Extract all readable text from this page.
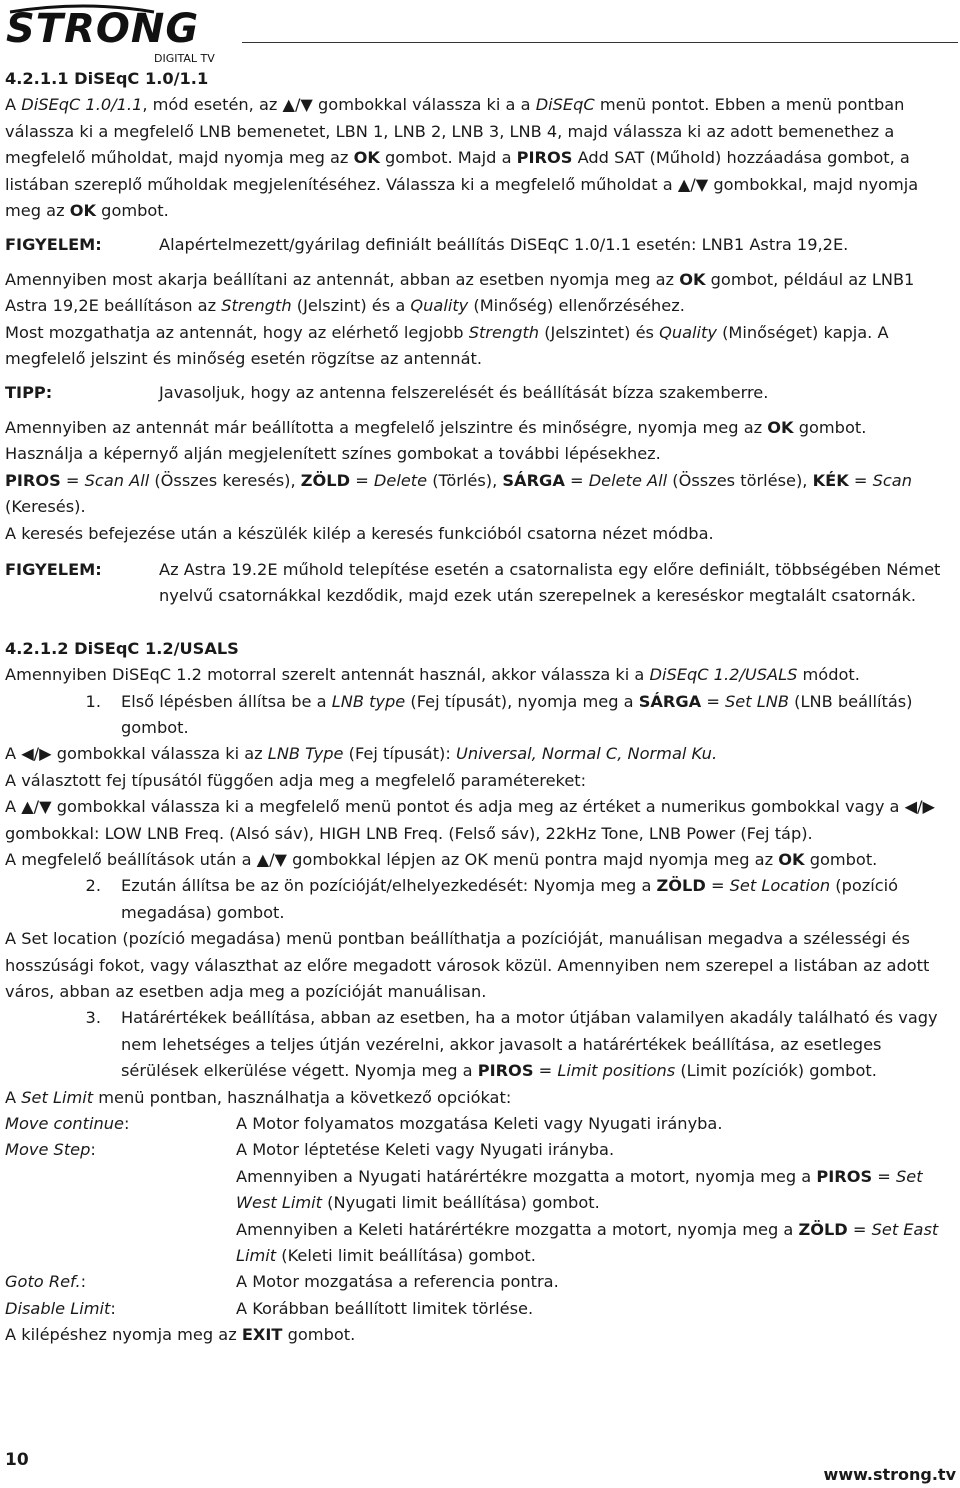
STRONG
DIGITAL TV

4.2.1.1 DiSEqC 1.0/1.1

A DiSEqC 1.0/1.1, mód esetén, az ▲/▼ gombokkal válassza ki a a DiSEqC menü pontot. Ebben a menü pontban válassza ki a megfelelő LNB bemenetet, LBN 1, LNB 2, LNB 3, LNB 4, majd válassza ki az adott bemenethez a megfelelő műholdat, majd nyomja meg az OK gombot. Majd a PIROS Add SAT (Műhold) hozzáadása gombot, a listában szereplő műholdak megjelenítéséhez. Válassza ki a megfelelő műholdat a ▲/▼ gombokkal, majd nyomja meg az OK gombot.

FIGYELEM:	Alapértelmezett/gyárilag definiált beállítás DiSEqC 1.0/1.1 esetén: LNB1 Astra 19,2E.

Amennyiben most akarja beállítani az antennát, abban az esetben nyomja meg az OK gombot, például az LNB1 Astra 19,2E beállításon az Strength (Jelszint) és a Quality (Minőség) ellenőrzéséhez.

Most mozgathatja az antennát, hogy az elérhető legjobb Strength (Jelszintet) és Quality (Minőséget) kapja. A megfelelő jelszint és minőség esetén rögzítse az antennát.

TIPP:	Javasoljuk, hogy az antenna felszerelését és beállítását bízza szakemberre.

Amennyiben az antennát már beállította a megfelelő jelszintre és minőségre, nyomja meg az OK gombot.

Használja a képernyő alján megjelenített színes gombokat a további lépésekhez.

PIROS = Scan All (Összes keresés), ZÖLD = Delete (Törlés), SÁRGA = Delete All (Összes törlése), KÉK = Scan (Keresés).

A keresés befejezése után a készülék kilép a keresés funkcióból csatorna nézet módba.

FIGYELEM:	Az Astra 19.2E műhold telepítése esetén a csatornalista egy előre definiált, többségében Német nyelvű csatornákkal kezdődik, majd ezek után szerepelnek a kereséskor megtalált csatornák.

4.2.1.2 DiSEqC 1.2/USALS

Amennyiben DiSEqC 1.2 motorral szerelt antennát használ, akkor válassza ki a DiSEqC 1.2/USALS módot.

1.	Első lépésben állítsa be a LNB type (Fej típusát), nyomja meg a SÁRGA = Set LNB (LNB beállítás) gombot.

A ◀/▶ gombokkal válassza ki az LNB Type (Fej típusát): Universal, Normal C, Normal Ku.

A választott fej típusától függően adja meg a megfelelő paramétereket:

A ▲/▼ gombokkal válassza ki a megfelelő menü pontot és adja meg az értéket a numerikus gombokkal vagy a ◀/▶ gombokkal: LOW LNB Freq. (Alsó sáv), HIGH LNB Freq. (Felső sáv), 22kHz Tone, LNB Power (Fej táp).

A megfelelő beállítások után a ▲/▼ gombokkal lépjen az OK menü pontra majd nyomja meg az OK gombot.

2.	Ezután állítsa be az ön pozícióját/elhelyezkedését: Nyomja meg a ZÖLD = Set Location (pozíció megadása) gombot.

A Set location (pozíció megadása) menü pontban beállíthatja a pozícióját, manuálisan megadva a szélességi és hosszúsági fokot, vagy választhat az előre megadott városok közül. Amennyiben nem szerepel a listában az adott város, abban az esetben adja meg a pozícióját manuálisan.

3.	Határértékek beállítása, abban az esetben, ha a motor útjában valamilyen akadály található és vagy nem lehetséges a teljes útján vezérelni, akkor javasolt a határértékek beállítása, az esetleges sérülések elkerülése végett. Nyomja meg a PIROS = Limit positions (Limit pozíciók) gombot.

A Set Limit menü pontban, használhatja a következő opciókat:

Move continue:	A Motor folyamatos mozgatása Keleti vagy Nyugati irányba.
Move Step:	A Motor léptetése Keleti vagy Nyugati irányba.
Amennyiben a Nyugati határértékre mozgatta a motort, nyomja meg a PIROS = Set West Limit (Nyugati limit beállítása) gombot.
Amennyiben a Keleti határértékre mozgatta a motort, nyomja meg a ZÖLD = Set East Limit (Keleti limit beállítása) gombot.
Goto Ref.:	A Motor mozgatása a referencia pontra.
Disable Limit:	A Korábban beállított limitek törlése.

A kilépéshez nyomja meg az EXIT gombot.

10
www.strong.tv
